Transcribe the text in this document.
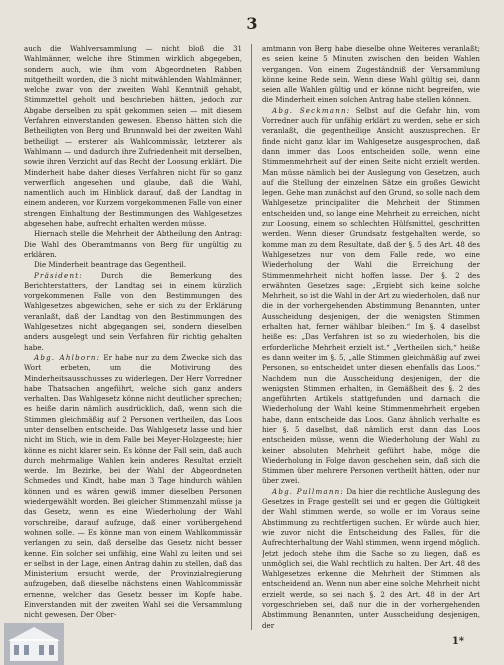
3

auch die Wahlversammlung — nicht bloß die 31 Wahlmänner, welche ihre Stimmen wirklich abgegeben, sondern auch, wie ihm vom Abgeordneten Rabben mitgetheilt worden, die 3 nicht mitwählenden Wahlmänner, welche zwar von der zweiten Wahl Kenntniß gehabt, Stimmzettel geholt und beschrieben hätten, jedoch zur Abgabe derselben zu spät gekommen seien — mit diesem Verfahren einverstanden gewesen. Ebenso hätten sich die Betheiligten von Berg und Brunnwald bei der zweiten Wahl betheiligt — ersterer als Wahlcommissär, letzterer als Wahlmann — und dadurch ihre Zufriedenheit mit derselben, sowie ihren Verzicht auf das Recht der Loosung erklärt. Die Minderheit habe daher dieses Verfahren nicht für so ganz verwerflich angesehen und glaube, daß die Wahl, namentlich auch im Hinblick darauf, daß der Landtag in einem anderen, vor Kurzem vorgekommenen Falle von einer strengen Einhaltung der Bestimmungen des Wahlgesetzes abgesehen habe, aufrecht erhalten werden müsse.

Hiernach stelle die Mehrheit der Abtheilung den Antrag: Die Wahl des Oberamtmanns von Berg für ungültig zu erklären.

Die Minderheit beantrage das Gegentheil.

Präsident:	Durch die Bemerkung des Berichterstatters, der Landtag sei in einem kürzlich vorgekommenen Falle von den Bestimmungen des Wahlgesetzes abgewichen, sehe er sich zu der Erklärung veranlaßt, daß der Landtag von den Bestimmungen des Wahlgesetzes nicht abgegangen sei, sondern dieselben anders ausgelegt und sein Verfahren für richtig gehalten habe.

Abg. Ahlborn: Er habe nur zu dem Zwecke sich das Wort erbeten, um die Motivirung des Minderheitsausschusses zu widerlegen. Der Herr Vorredner habe Thatsachen angeführt, welche sich ganz anders verhalten. Das Wahlgesetz könne nicht deutlicher sprechen; es heiße darin nämlich ausdrücklich, daß, wenn sich die Stimmen gleichmäßig auf 2 Personen vertheilen, das Loos unter denselben entscheide. Das Wahlgesetz lasse und hier nicht im Stich, wie in dem Falle bei Meyer-Holzgeeste; hier könne es nicht klarer sein. Es könne der Fall sein, daß auch durch mehrmalige Wahlen kein anderes Resultat erzielt werde. Im Bezirke, bei der Wahl der Abgeordneten Schmedes und Kindt, habe man 3 Tage hindurch wählen können und es wären gewiß immer dieselben Personen wiedergewählt worden. Bei gleicher Stimmenzahl müsse ja das Gesetz, wenn es eine Wiederholung der Wahl vorschreibe, darauf aufzuge, daß einer vorübergehend wohnen solle. — Es könne man von einem Wahlkommissär verlangen zu sein, daß derselbe das Gesetz nicht besser kenne. Ein solcher sei unfähig, eine Wahl zu leiten und sei er selbst in der Lage, einen Antrag dahin zu stellen, daß das Ministerium ersucht werde, der Provinzialregierung aufzugeben, daß dieselbe nächstens einen Wahlcommissär ernenne, welcher das Gesetz besser im Kopfe habe. Einverstanden mit der zweiten Wahl sei die Versammlung nicht gewesen. Der Ober-

amtmann von Berg habe dieselbe ohne Weiteres veranlaßt; es seien keine 5 Minuten zwischen den beiden Wahlen vergangen. Von einem Zugeständniß der Versammlung könne keine Rede sein. Wenn diese Wahl gültig sei, dann seien alle Wahlen gültig und er könne nicht begreifen, wie die Minderheit einen solchen Antrag habe stellen können.

Abg. Seckmann: Selbst auf die Gefahr hin, vom Vorredner auch für unfähig erklärt zu werden, sehe er sich veranlaßt, die gegentheilige Ansicht auszusprechen. Er finde nicht ganz klar im Wahlgesetze ausgesprochen, daß dann immer das Loos entscheiden solle, wenn eine Stimmenmehrheit auf der einen Seite nicht erzielt werden. Man müsse nämlich bei der Auslegung von Gesetzen, auch auf die Stellung der einzelnen Sätze ein großes Gewicht legen. Gehe man zunächst auf den Grund, so solle nach dem Wahlgesetze principaliter die Mehrheit der Stimmen entscheiden und, so lange eine Mehrheit zu erreichen, nicht zur Loosung, einem so schlechten Hülfsmittel, geschritten werden. Wenn dieser Grundsatz festgehalten werde, so komme man zu dem Resultate, daß der §. 5 des Art. 48 des Wahlgesetzes nur von dem Falle rede, wo eine Wiederholung der Wahl die Erreichung der Stimmenmehrheit nicht hoffen lasse. Der §. 2 des erwähnten Gesetzes sage: „Ergiebt sich keine solche Mehrheit, so ist die Wahl in der Art zu wiederholen, daß nur die in der vorhergehenden Abstimmung Benannten, unter Ausscheidung desjenigen, der die wenigsten Stimmen erhalten hat, ferner wählbar bleiben.“ Im §. 4 daselbst heiße es: „Das Verfahren ist so zu wiederholen, bis die erforderliche Mehrheit erzielt ist.“ „Vertheilen sich,“ heiße es dann weiter im §. 5, „alle Stimmen gleichmäßig auf zwei Personen, so entscheidet unter diesen ebenfalls das Loos.“ Nachdem nun die Ausscheidung desjenigen, der die wenigsten Stimmen erhalten, in Gemäßheit des §. 2 des angeführten Artikels stattgefunden und darnach die Wiederholung der Wahl keine Stimmenmehrheit ergeben habe, dann entscheide das Loos. Ganz ähnlich verhalte es hier §. 5 daselbst, daß nämlich erst dann das Loos entscheiden müsse, wenn die Wiederholung der Wahl zu keiner absoluten Mehrheit geführt habe, möge die Wiederholung in Folge davon geschehen sein, daß sich die Stimmen über mehrere Personen vertheilt hätten, oder nur über zwei.

Abg. Pullmann: Da hier die rechtliche Auslegung des Gesetzes in Frage gestellt sei und er gegen die Gültigkeit der Wahl stimmen werde, so wolle er im Voraus seine Abstimmung zu rechtfertigen suchen. Er würde auch hier, wie zuvor nicht die Entscheidung des Falles, für die Aufrechterhaltung der Wahl stimmen, wenn irgend möglich. Jetzt jedoch stehe ihm die Sache so zu liegen, daß es unmöglich sei, die Wahl rechtlich zu halten. Der Art. 48 des Wahlgesetzes erkenne die Mehrheit der Stimmen als entscheidend an. Wenn nun aber eine solche Mehrheit nicht erzielt werde, so sei nach §. 2 des Art. 48 in der Art vorgeschrieben sei, daß nur die in der vorhergehenden Abstimmung Benannten, unter Ausscheidung desjenigen, der

1*
